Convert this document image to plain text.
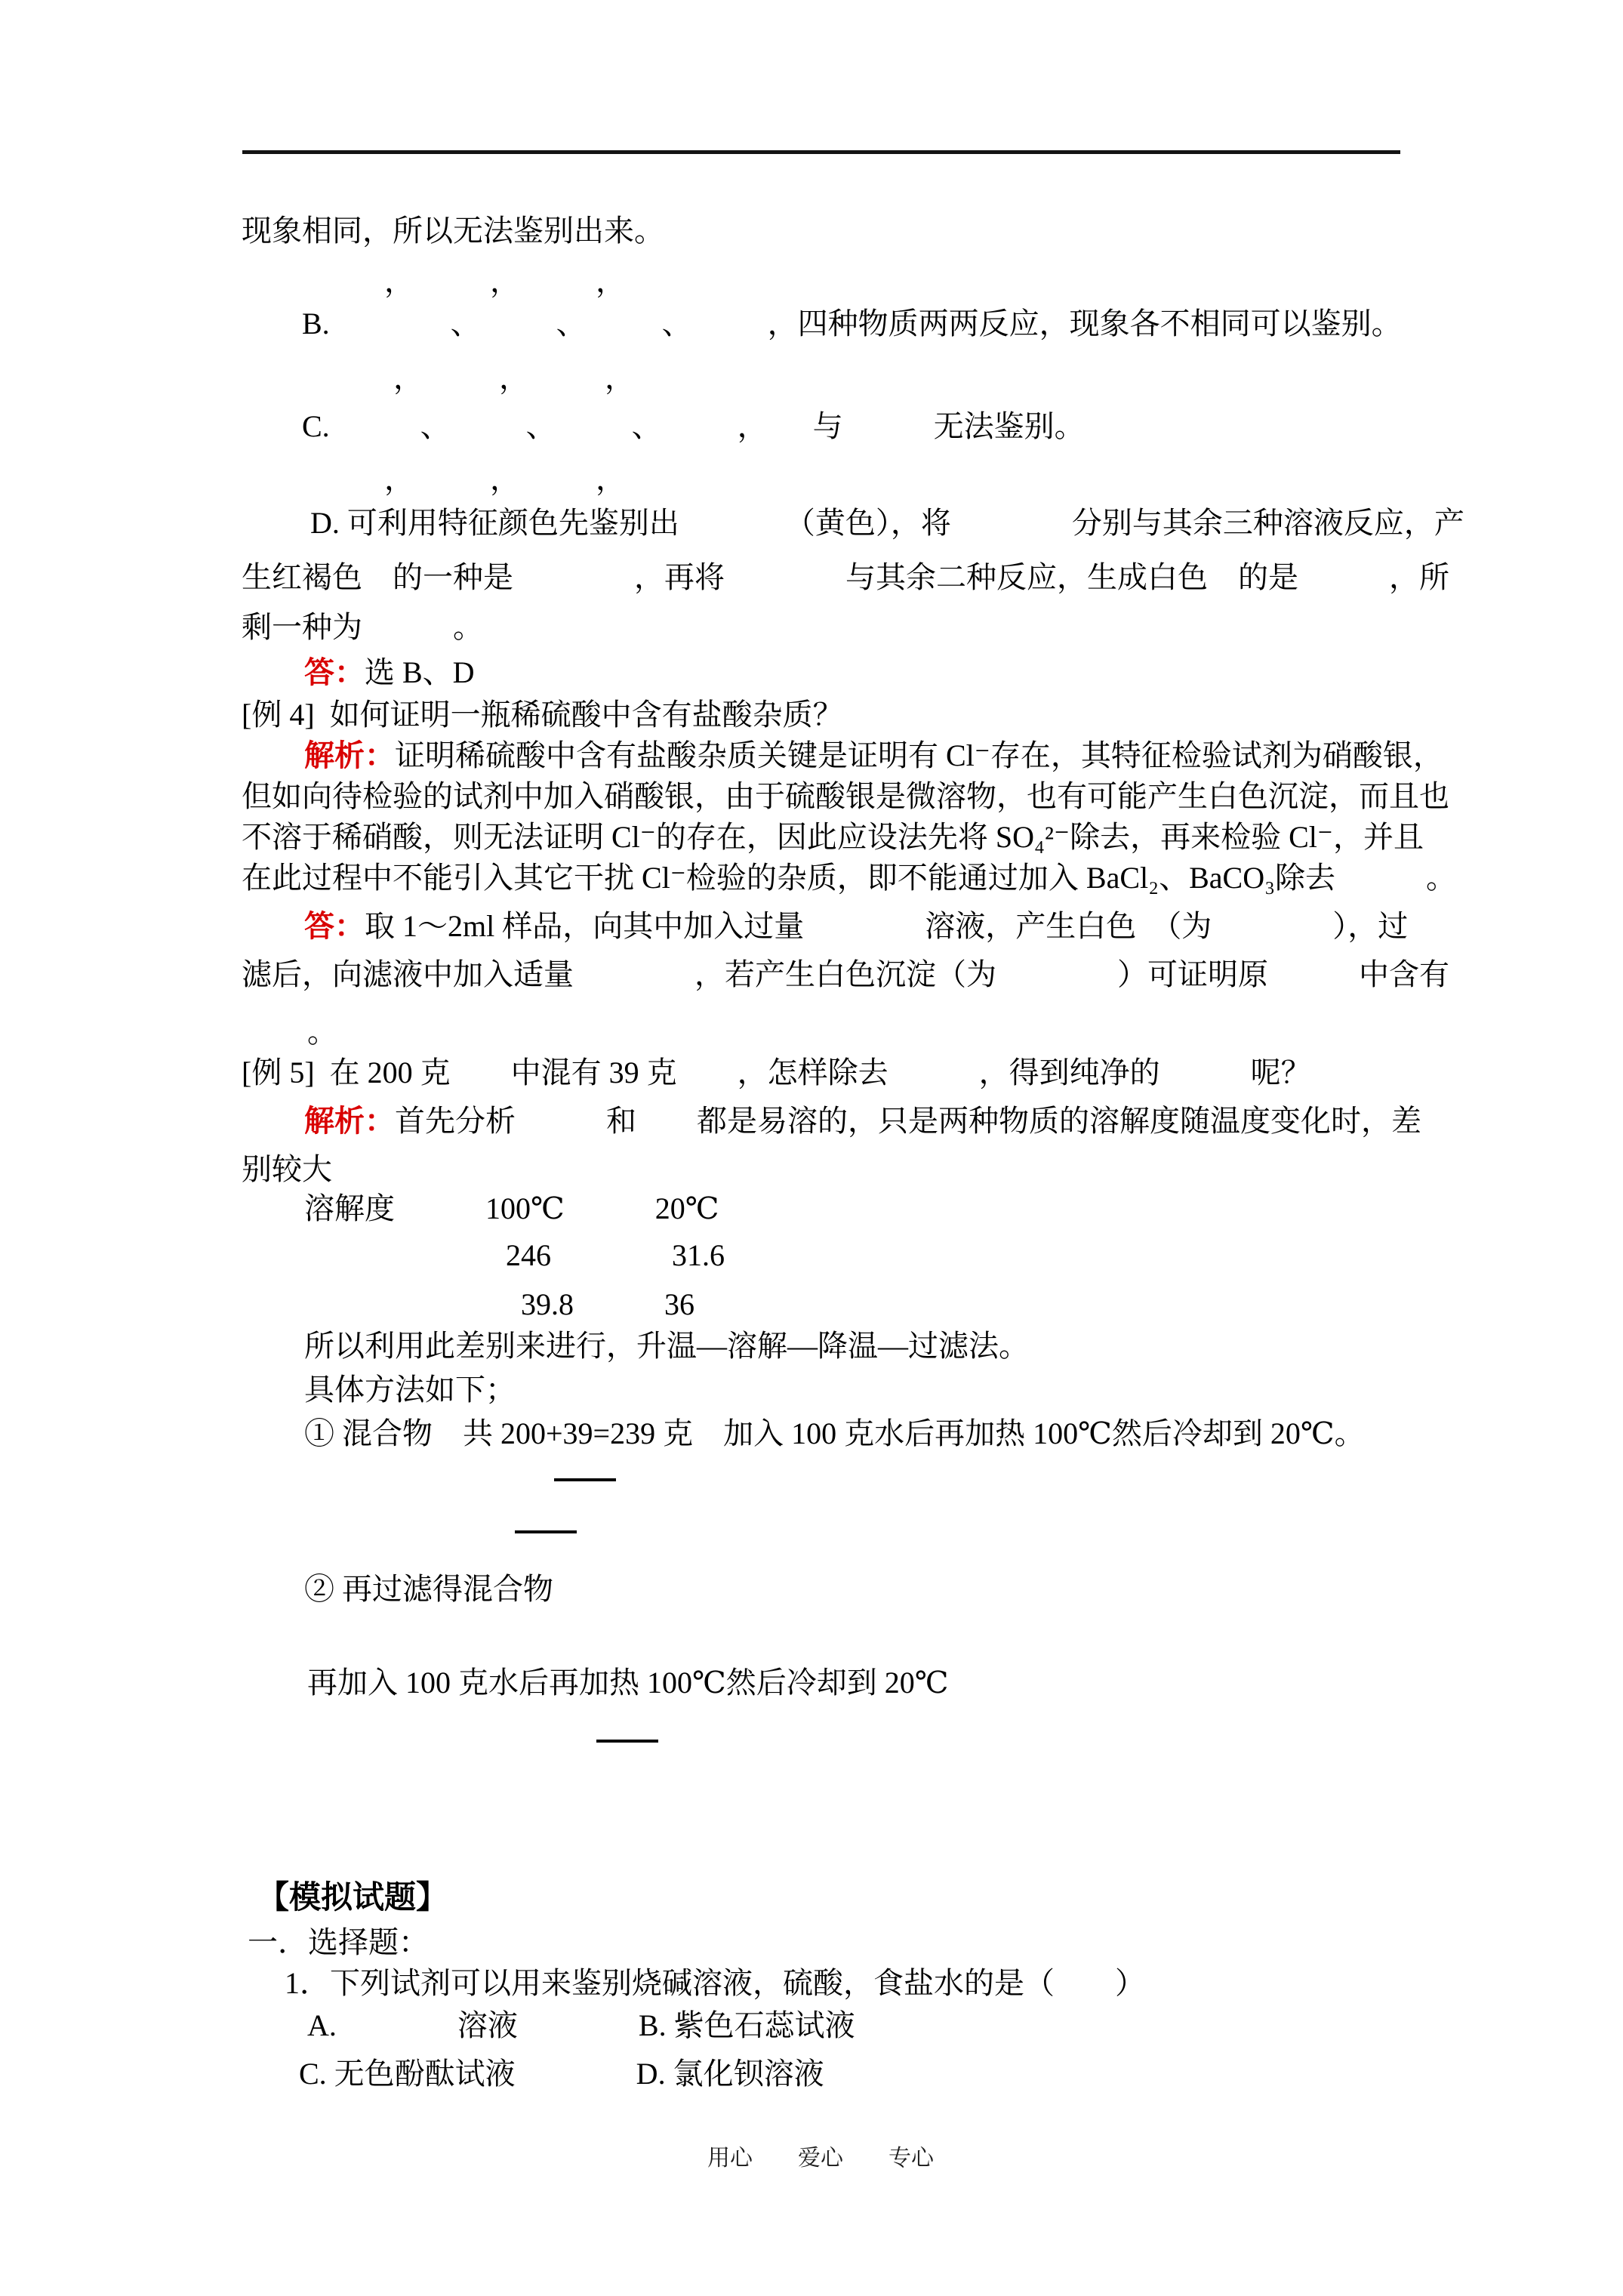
现象相同，所以无法鉴别出来。
，　　　，　　　，
B.　　　　、　　　、　　　、　　　，四种物质两两反应，现象各不相同可以鉴别。
，　　　，　　　，
C.　　　、　　　、　　　、　　　，　　与　　　无法鉴别。
，　　　，　　　，
D. 可利用特征颜色先鉴别出　　　　（黄色），将　　　　分别与其余三种溶液反应，产
生红褐色　的一种是　　　　，再将　　　　与其余二种反应，生成白色　的是　　　，所
剩一种为　　　。
答：选 B、D
[例 4]  如何证明一瓶稀硫酸中含有盐酸杂质？
解析：证明稀硫酸中含有盐酸杂质关键是证明有 Cl⁻存在，其特征检验试剂为硝酸银，
但如向待检验的试剂中加入硝酸银，由于硫酸银是微溶物，也有可能产生白色沉淀，而且也
不溶于稀硝酸，则无法证明 Cl⁻的存在，因此应设法先将 SO₄²⁻除去，再来检验 Cl⁻，并且
在此过程中不能引入其它干扰 Cl⁻检验的杂质，即不能通过加入 BaCl₂、BaCO₃除去　　　。
答：取 1～2ml 样品，向其中加入过量　　　　溶液，产生白色　（为　　　　），过
滤后，向滤液中加入适量　　　　，若产生白色沉淀（为　　　　）可证明原　　　中含有
。
[例 5]  在 200 克　　中混有 39 克　　，怎样除去　　　，得到纯净的　　　呢？
解析：首先分析　　　和　　都是易溶的，只是两种物质的溶解度随温度变化时，差
别较大
溶解度　　　100℃　　　20℃
246　　　　31.6
39.8　　　36
所以利用此差别来进行，升温—溶解—降温—过滤法。
具体方法如下；
① 混合物　共 200+39=239 克　加入 100 克水后再加热 100℃然后冷却到 20℃。
② 再过滤得混合物
再加入 100 克水后再加热 100℃然后冷却到 20℃
【模拟试题】
一．选择题：
1．下列试剂可以用来鉴别烧碱溶液，硫酸，食盐水的是（　　）
A.　　　　溶液　　　　B. 紫色石蕊试液
C. 无色酚酞试液　　　　D. 氯化钡溶液
用心　　爱心　　专心
